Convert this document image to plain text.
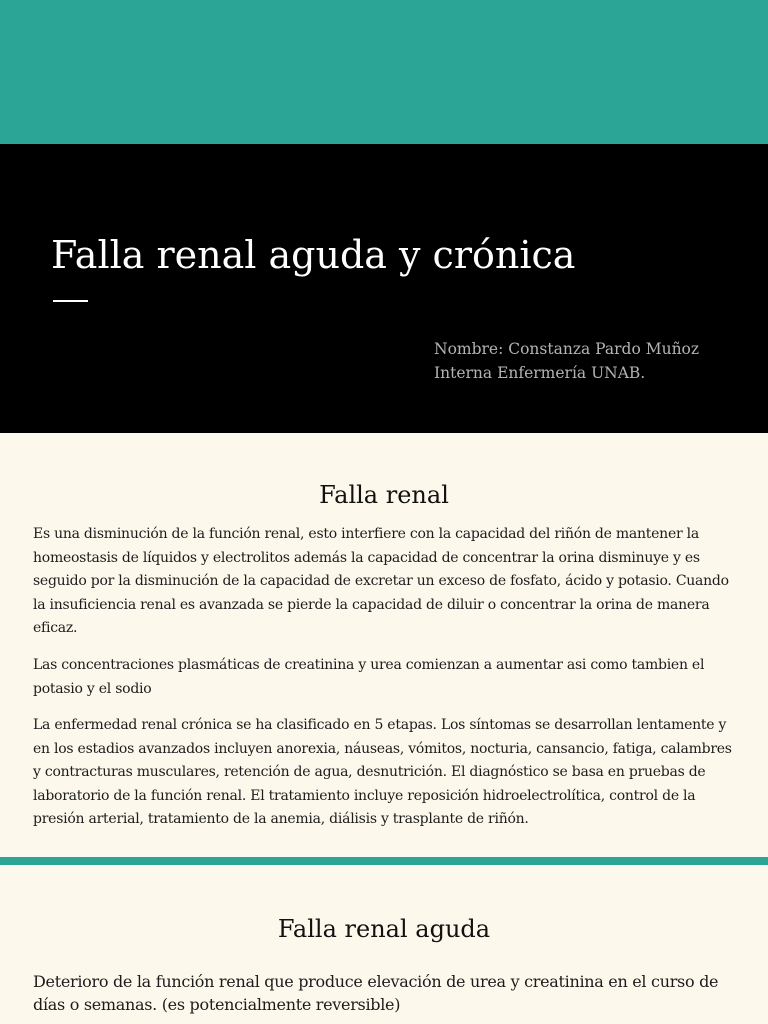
Falla renal aguda y crónica
Nombre: Constanza Pardo Muñoz
Interna Enfermería UNAB.
Falla renal

Es una disminución de la función renal, esto interfiere con la capacidad del riñón de mantener la homeostasis de líquidos y electrolitos además la capacidad de concentrar la orina disminuye y es seguido por la disminución de la capacidad de excretar un exceso de fosfato, ácido y potasio. Cuando la insuficiencia renal es avanzada se pierde la capacidad de diluir o concentrar la orina de manera eficaz.

Las concentraciones plasmáticas de creatinina y urea comienzan a aumentar asi como tambien el potasio y el sodio

La enfermedad renal crónica se ha clasificado en 5 etapas. Los síntomas se desarrollan lentamente y en los estadios avanzados incluyen anorexia, náuseas, vómitos, nocturia, cansancio, fatiga, calambres y contracturas musculares, retención de agua, desnutrición. El diagnóstico se basa en pruebas de laboratorio de la función renal. El tratamiento incluye reposición hidroelectrolítica, control de la presión arterial, tratamiento de la anemia, diálisis y trasplante de riñón.

Falla renal aguda

Deterioro de la función renal que produce elevación de urea y creatinina en el curso de días o semanas. (es potencialmente reversible)
